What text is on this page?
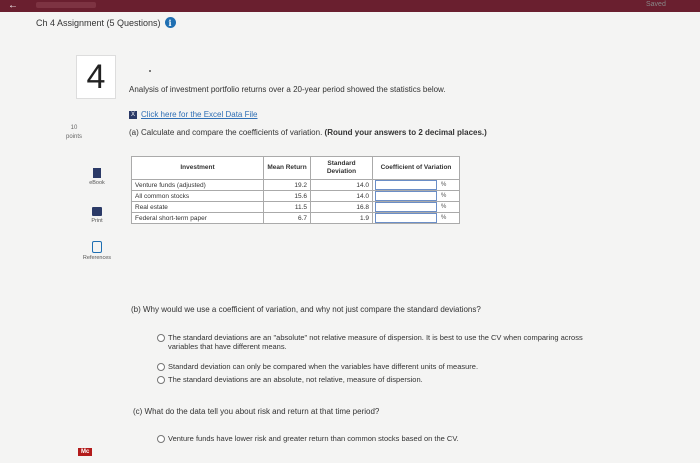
←	Saved
Ch 4 Assignment (5 Questions) i
4
10
points
eBook
Print
References
Mc
Analysis of investment portfolio returns over a 20-year period showed the statistics below.
X Click here for the Excel Data File
(a) Calculate and compare the coefficients of variation. (Round your answers to 2 decimal places.)
Investment	Mean Return	Standard Deviation	Coefficient of Variation
Venture funds (adjusted)	19.2	14.0	%
All common stocks	15.6	14.0	%
Real estate	11.5	16.8	%
Federal short-term paper	6.7	1.9	%
(b) Why would we use a coefficient of variation, and why not just compare the standard deviations?
The standard deviations are an "absolute" not relative measure of dispersion. It is best to use the CV when comparing across
variables that have different means.
Standard deviation can only be compared when the variables have different units of measure.
The standard deviations are an absolute, not relative, measure of dispersion.
(c) What do the data tell you about risk and return at that time period?
Venture funds have lower risk and greater return than common stocks based on the CV.
